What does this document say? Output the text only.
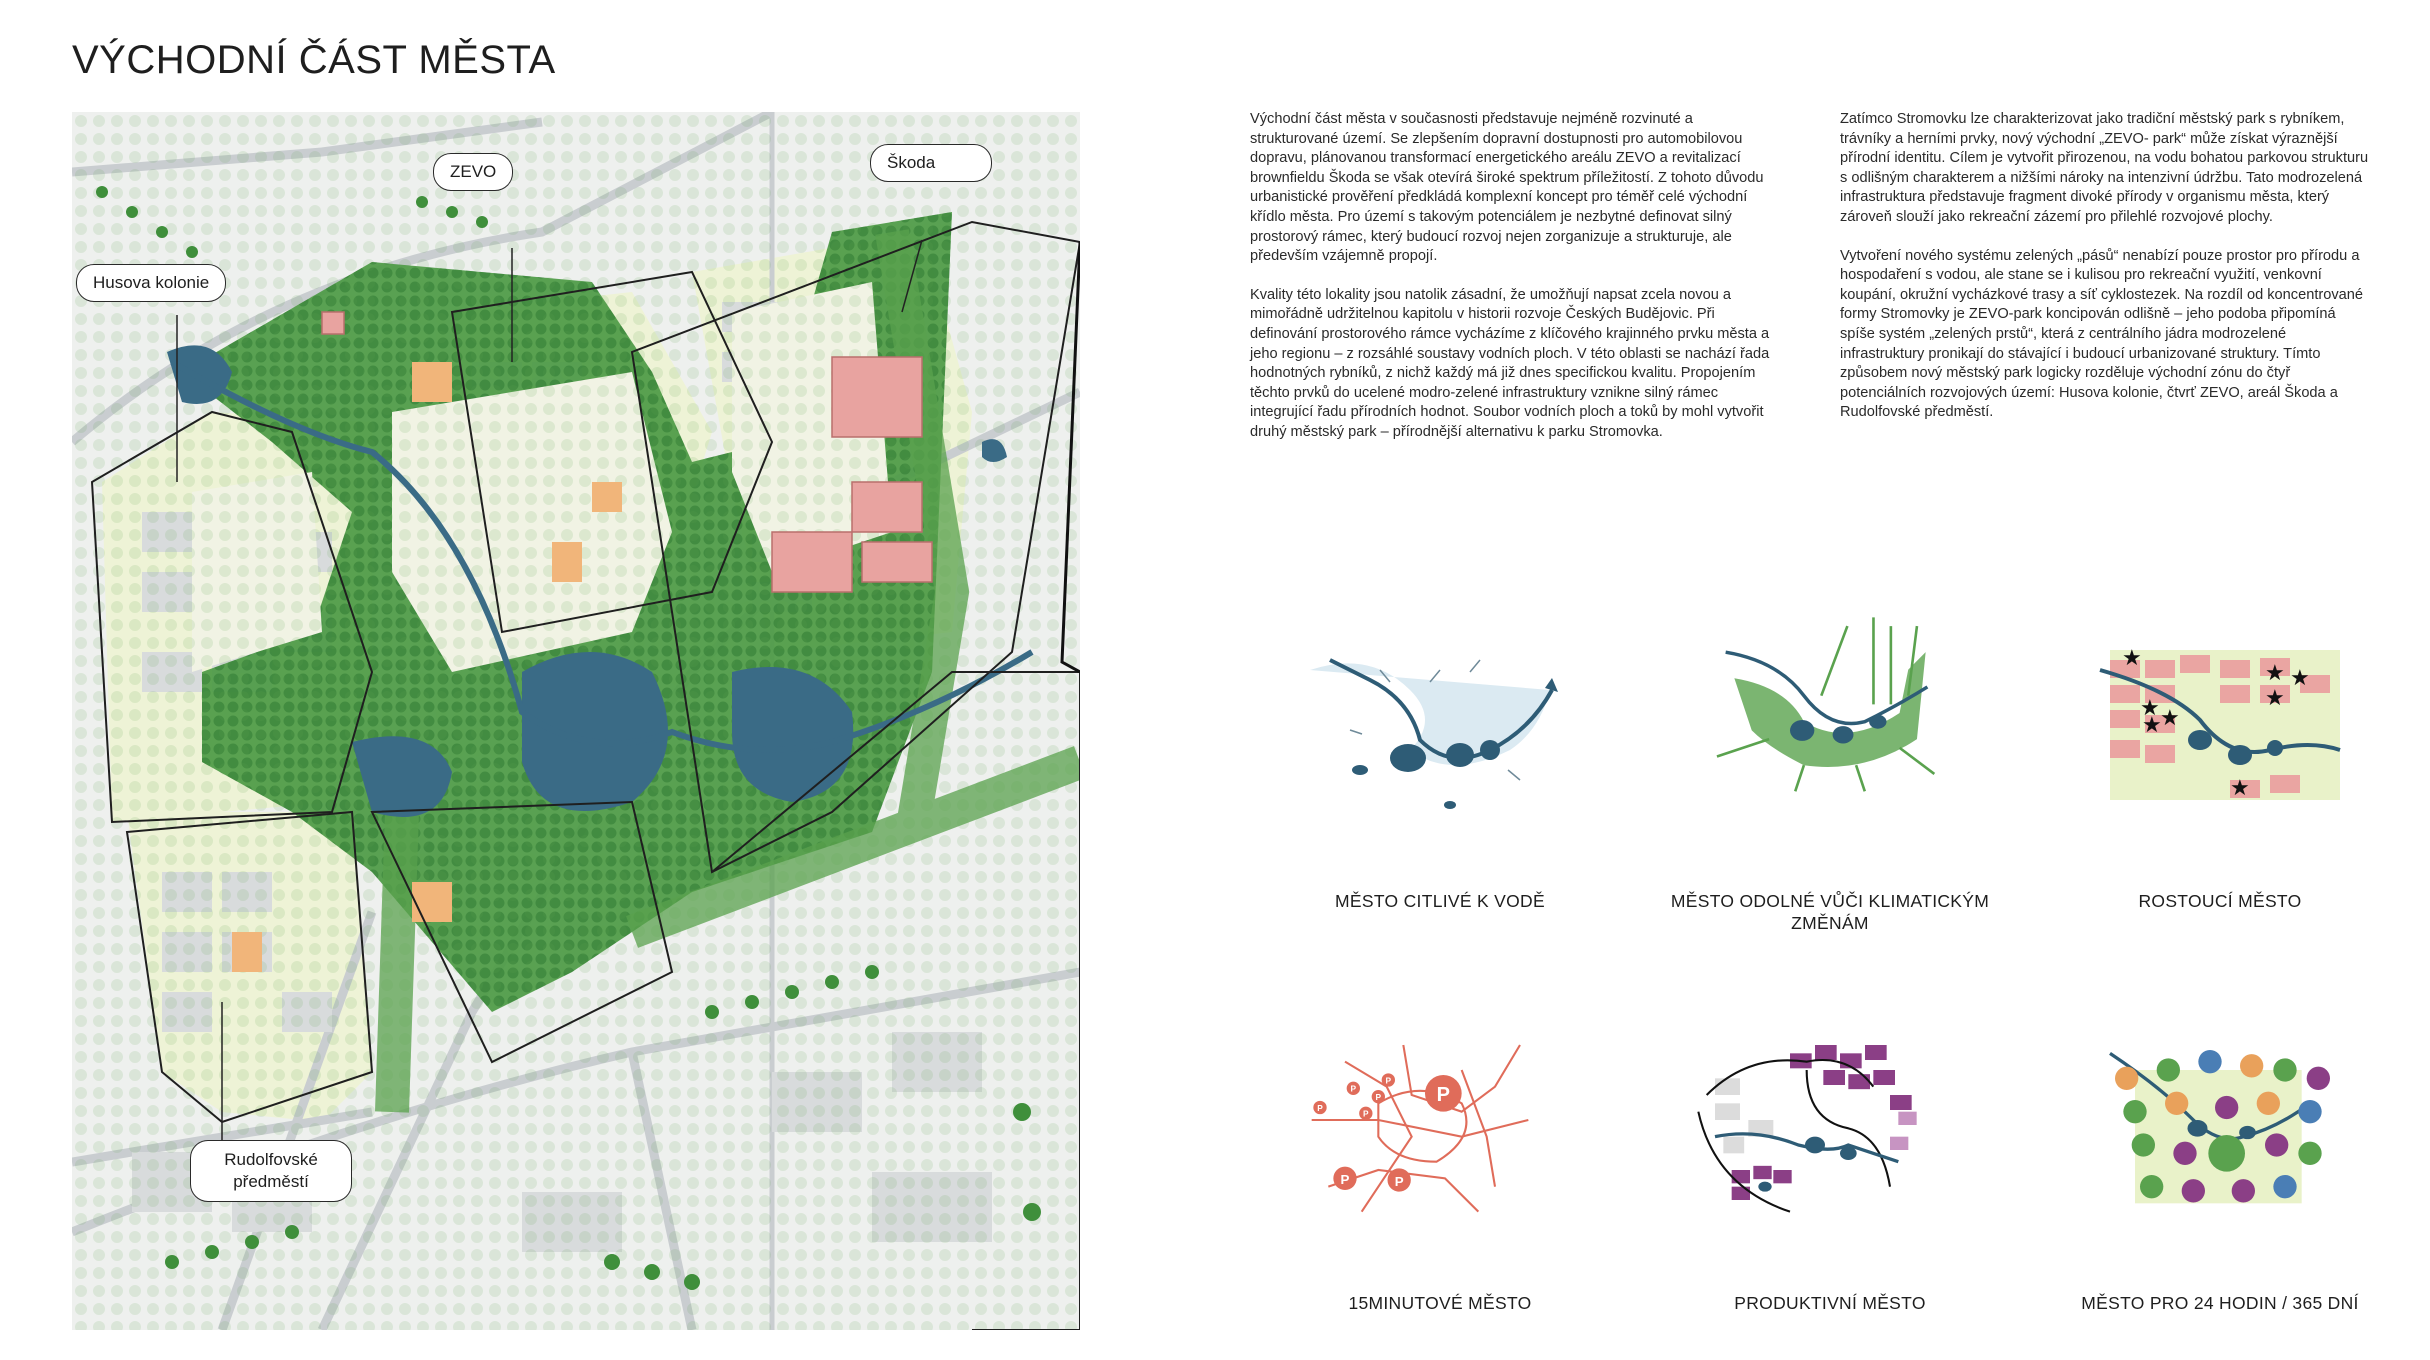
VÝCHODNÍ ČÁST MĚSTA
ZEVO	Škoda
Husova kolonie
Rudolfovské předměstí

Východní část města v současnosti představuje nejméně rozvinuté a strukturované území. Se zlepšením dopravní dostupnosti pro automobilovou dopravu, plánovanou transformací energetického areálu ZEVO a revitalizací brownfieldu Škoda se však otevírá široké spektrum příležitostí. Z tohoto důvodu urbanistické prověření předkládá komplexní koncept pro téměř celé východní křídlo města. Pro území s takovým potenciálem je nezbytné definovat silný prostorový rámec, který budoucí rozvoj nejen zorganizuje a strukturuje, ale především vzájemně propojí.

Kvality této lokality jsou natolik zásadní, že umožňují napsat zcela novou a mimořádně udržitelnou kapitolu v historii rozvoje Českých Budějovic. Při definování prostorového rámce vycházíme z klíčového krajinného prvku města a jeho regionu – z rozsáhlé soustavy vodních ploch. V této oblasti se nachází řada hodnotných rybníků, z nichž každý má již dnes specifickou kvalitu. Propojením těchto prvků do ucelené modro-zelené infrastruktury vznikne silný rámec integrující řadu přírodních hodnot. Soubor vodních ploch a toků by mohl vytvořit druhý městský park – přírodnější alternativu k parku Stromovka.

Zatímco Stromovku lze charakterizovat jako tradiční městský park s rybníkem, trávníky a herními prvky, nový východní „ZEVO- park“ může získat výraznější přírodní identitu. Cílem je vytvořit přirozenou, na vodu bohatou parkovou strukturu s odlišným charakterem a nižšími nároky na intenzivní údržbu. Tato modrozelená infrastruktura představuje fragment divoké přírody v organismu města, který zároveň slouží jako rekreační zázemí pro přilehlé rozvojové plochy.

Vytvoření nového systému zelených „pásů“ nenabízí pouze prostor pro přírodu a hospodaření s vodou, ale stane se i kulisou pro rekreační využití, venkovní koupání, okružní vycházkové trasy a síť cyklostezek. Na rozdíl od koncentrované formy Stromovky je ZEVO-park koncipován odlišně – jeho podoba připomíná spíše systém „zelených prstů“, která z centrálního jádra modrozelené infrastruktury pronikají do stávající i budoucí urbanizované struktury. Tímto způsobem nový městský park logicky rozděluje východní zónu do čtyř potenciálních rozvojových území: Husova kolonie, čtvrť ZEVO, areál Škoda a Rudolfovské předměstí.

★
★ ★
★
★ ★
★
★
P
P	P
P
P
P
P
P
MĚSTO CITLIVÉ K VODĚ	MĚSTO ODOLNÉ VŮČI KLIMATICKÝM ZMĚNÁM
ROSTOUCÍ MĚSTO
15MINUTOVÉ MĚSTO	PRODUKTIVNÍ MĚSTO	MĚSTO PRO 24 HODIN / 365 DNÍ
